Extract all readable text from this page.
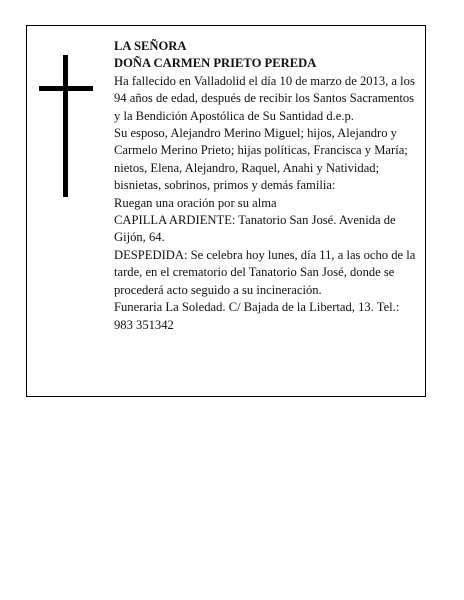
LA SEÑORA

DOÑA CARMEN PRIETO PEREDA

Ha fallecido en Valladolid el día 10 de marzo de 2013, a los 94 años de edad, después de recibir los Santos Sacramentos y la Bendición Apostólica de Su Santidad d.e.p.

Su esposo, Alejandro Merino Miguel; hijos, Alejandro y Carmelo Merino Prieto; hijas políticas, Francisca y María; nietos, Elena, Alejandro, Raquel, Anahi y Natividad; bisnietas, sobrinos, primos y demás familia:

Ruegan una oración por su alma

CAPILLA ARDIENTE: Tanatorio San José. Avenida de Gijón, 64.

DESPEDIDA: Se celebra hoy lunes, día 11, a las ocho de la tarde, en el crematorio del Tanatorio San José, donde se procederá acto seguido a su incineración.

Funeraria La Soledad. C/ Bajada de la Libertad, 13. Tel.: 983 351342
